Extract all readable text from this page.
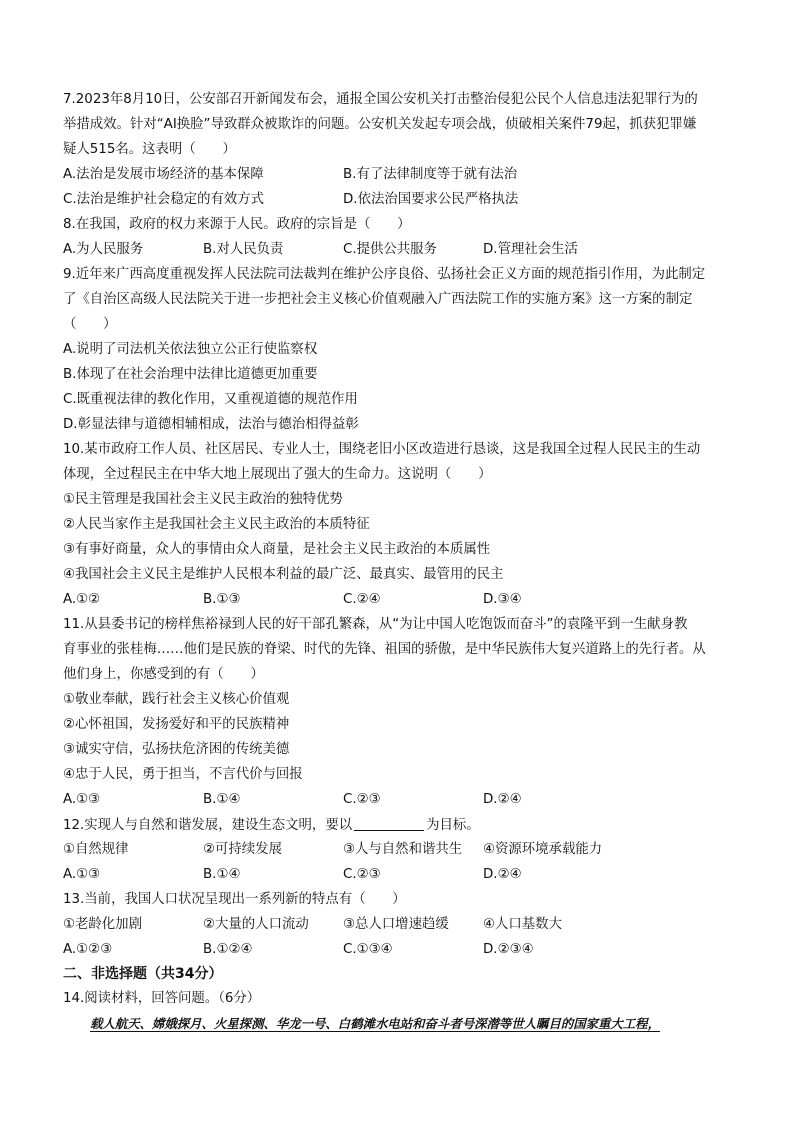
7.2023年8月10日，公安部召开新闻发布会，通报全国公安机关打击整治侵犯公民个人信息违法犯罪行为的
举措成效。针对“AI换脸”导致群众被欺诈的问题。公安机关发起专项会战，侦破相关案件79起，抓获犯罪嫌
疑人515名。这表明（　　）
A.法治是发展市场经济的基本保障	B.有了法律制度等于就有法治
C.法治是维护社会稳定的有效方式	D.依法治国要求公民严格执法
8.在我国，政府的权力来源于人民。政府的宗旨是（　　）
A.为人民服务	B.对人民负责	C.提供公共服务	D.管理社会生活
9.近年来广西高度重视发挥人民法院司法裁判在维护公序良俗、弘扬社会正义方面的规范指引作用，为此制定
了《自治区高级人民法院关于进一步把社会主义核心价值观融入广西法院工作的实施方案》这一方案的制定
（　　）
A.说明了司法机关依法独立公正行使监察权
B.体现了在社会治理中法律比道德更加重要
C.既重视法律的教化作用，又重视道德的规范作用
D.彰显法律与道德相辅相成，法治与德治相得益彰
10.某市政府工作人员、社区居民、专业人士，围绕老旧小区改造进行恳谈，这是我国全过程人民民主的生动
体现，全过程民主在中华大地上展现出了强大的生命力。这说明（　　）
①民主管理是我国社会主义民主政治的独特优势
②人民当家作主是我国社会主义民主政治的本质特征
③有事好商量，众人的事情由众人商量，是社会主义民主政治的本质属性
④我国社会主义民主是维护人民根本利益的最广泛、最真实、最管用的民主
A.①②	B.①③	C.②④	D.③④
11.从县委书记的榜样焦裕禄到人民的好干部孔繁森，从“为让中国人吃饱饭而奋斗”的袁隆平到一生献身教
育事业的张桂梅……他们是民族的脊梁、时代的先锋、祖国的骄傲，是中华民族伟大复兴道路上的先行者。从
他们身上，你感受到的有（　　）
①敬业奉献，践行社会主义核心价值观
②心怀祖国，发扬爱好和平的民族精神
③诚实守信，弘扬扶危济困的传统美德
④忠于人民，勇于担当，不言代价与回报
A.①③	B.①④	C.②③	D.②④
12.实现人与自然和谐发展，建设生态文明，要以	为目标。
①自然规律	②可持续发展	③人与自然和谐共生 ④资源环境承载能力
A.①③	B.①④	C.②③	D.②④
13.当前，我国人口状况呈现出一系列新的特点有（　　）
①老龄化加剧	②大量的人口流动	③总人口增速趋缓	④人口基数大
A.①②③	B.①②④	C.①③④	D.②③④
二、非选择题（共34分）
14.阅读材料，回答问题。（6分）
载人航天、嫦娥探月、火星探测、华龙一号、白鹤滩水电站和奋斗者号深潜等世人瞩目的国家重大工程，
